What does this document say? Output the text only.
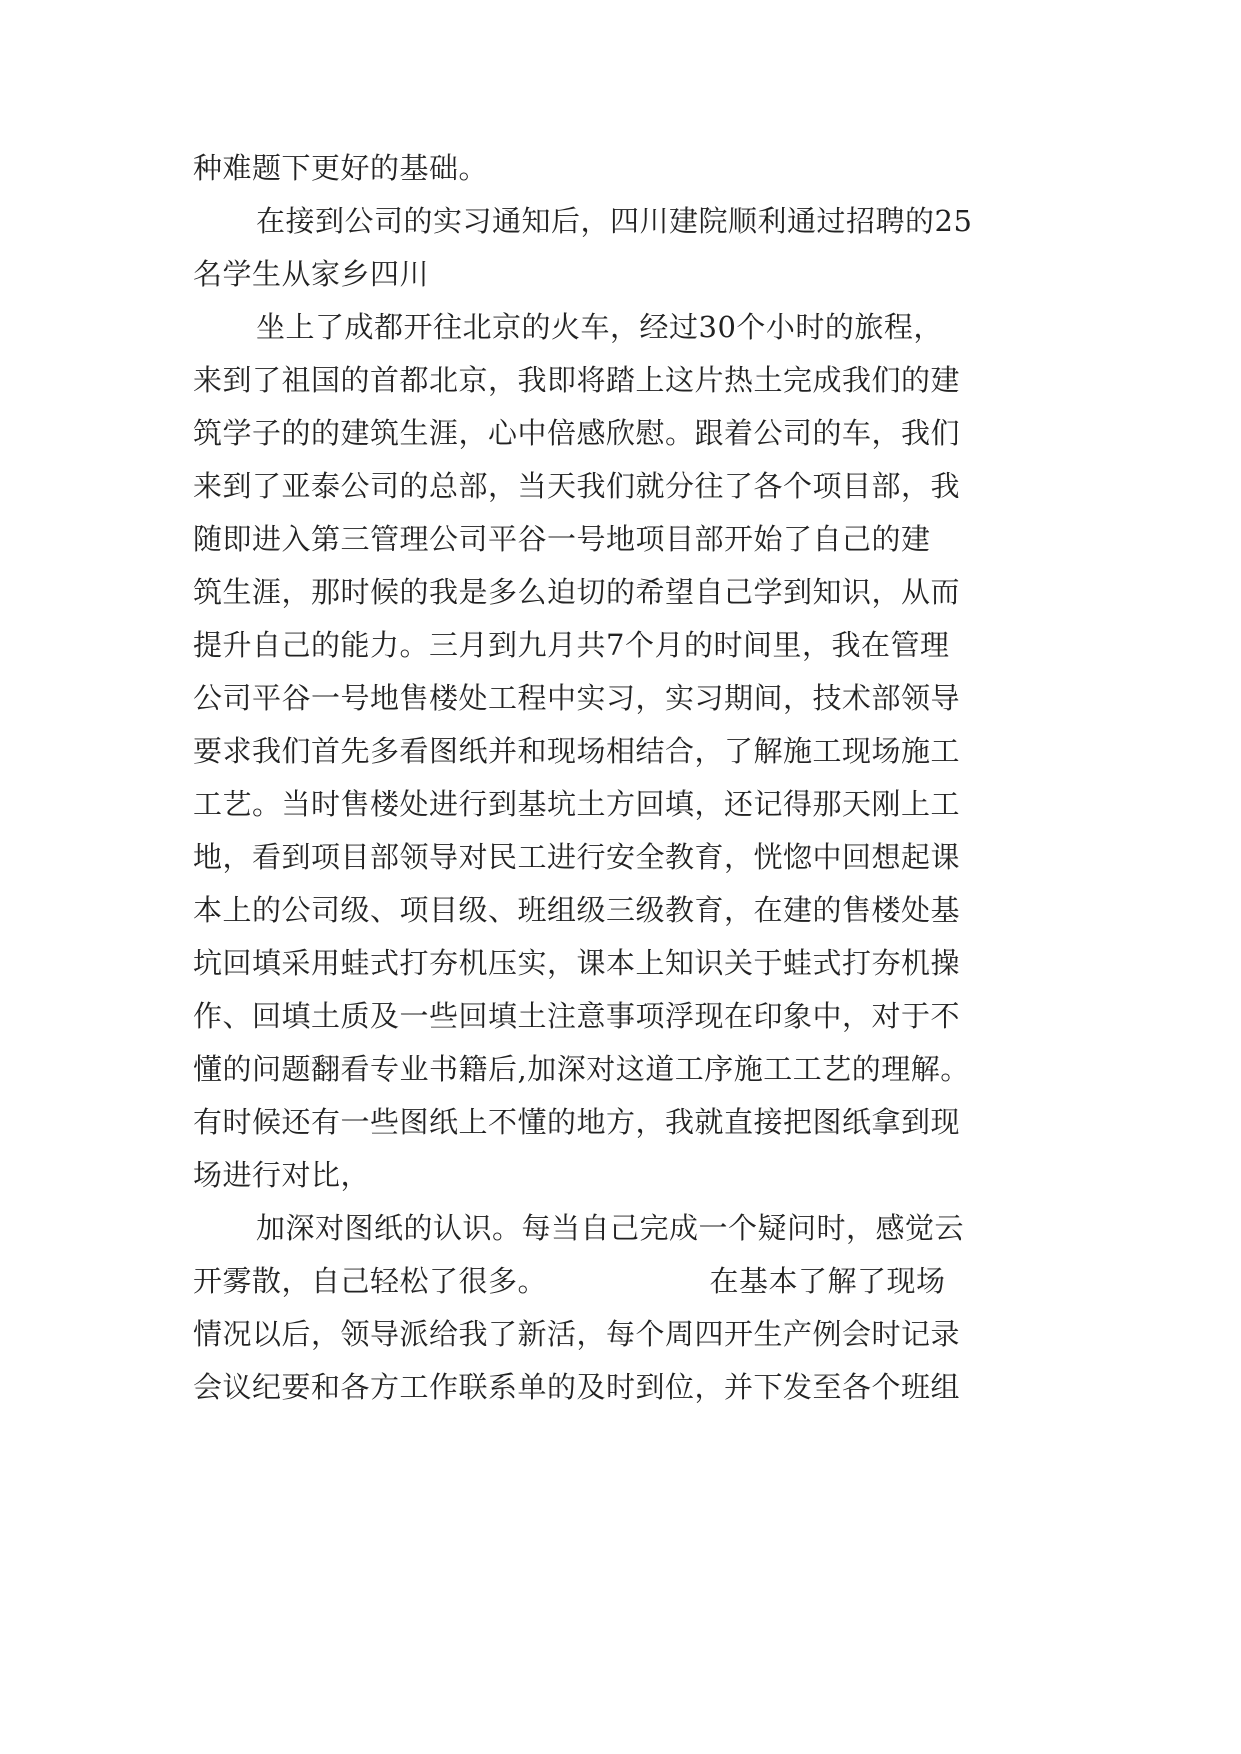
种难题下更好的基础。
在接到公司的实习通知后，四川建院顺利通过招聘的25
名学生从家乡四川
坐上了成都开往北京的火车，经过30个小时的旅程，
来到了祖国的首都北京，我即将踏上这片热土完成我们的建
筑学子的的建筑生涯，心中倍感欣慰。跟着公司的车，我们
来到了亚泰公司的总部，当天我们就分往了各个项目部，我
随即进入第三管理公司平谷一号地项目部开始了自己的建
筑生涯，那时候的我是多么迫切的希望自己学到知识，从而
提升自己的能力。三月到九月共7个月的时间里，我在管理
公司平谷一号地售楼处工程中实习，实习期间，技术部领导
要求我们首先多看图纸并和现场相结合，了解施工现场施工
工艺。当时售楼处进行到基坑土方回填，还记得那天刚上工
地，看到项目部领导对民工进行安全教育，恍惚中回想起课
本上的公司级、项目级、班组级三级教育，在建的售楼处基
坑回填采用蛙式打夯机压实，课本上知识关于蛙式打夯机操
作、回填土质及一些回填土注意事项浮现在印象中，对于不
懂的问题翻看专业书籍后,加深对这道工序施工工艺的理解。
有时候还有一些图纸上不懂的地方，我就直接把图纸拿到现
场进行对比，
加深对图纸的认识。每当自己完成一个疑问时，感觉云
开雾散，自己轻松了很多。　　　　　　在基本了解了现场
情况以后，领导派给我了新活，每个周四开生产例会时记录
会议纪要和各方工作联系单的及时到位，并下发至各个班组
